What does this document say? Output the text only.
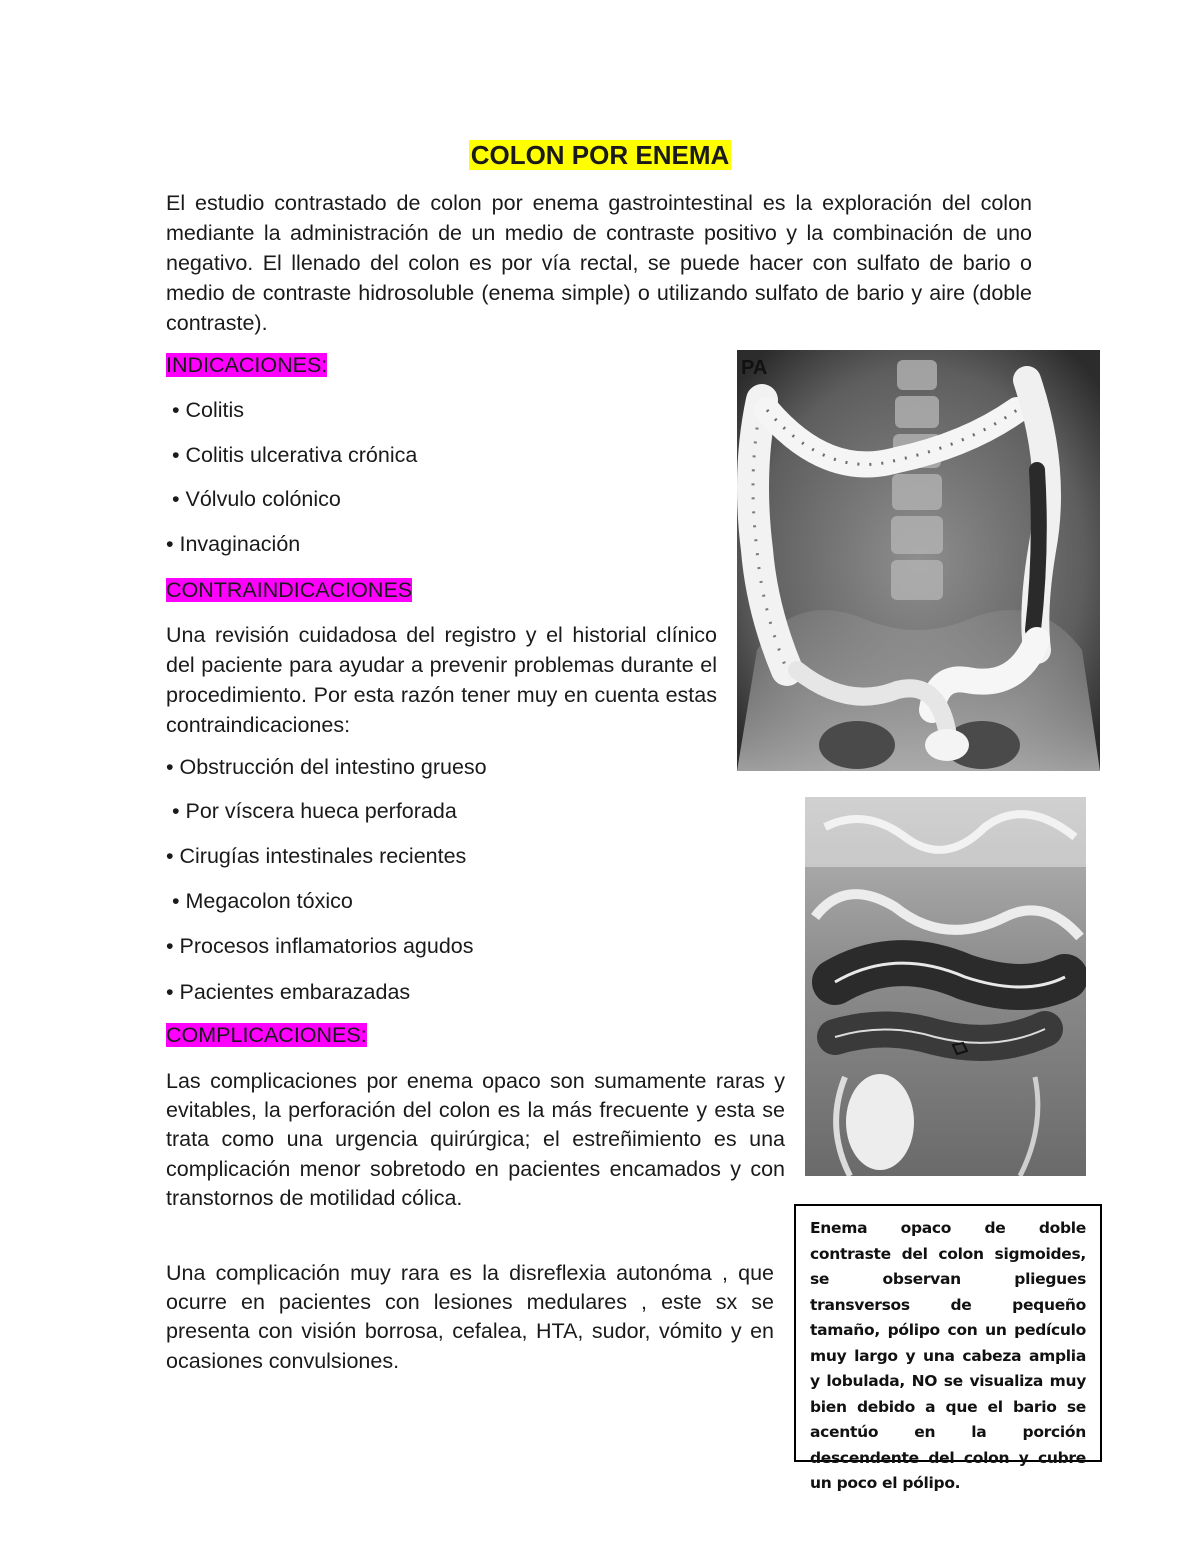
COLON POR ENEMA

El estudio contrastado de colon por enema gastrointestinal es la exploración del colon mediante la administración de un medio de contraste positivo y la combinación de uno negativo. El llenado del colon es por vía rectal, se puede hacer con sulfato de bario o medio de contraste hidrosoluble (enema simple) o utilizando sulfato de bario y aire (doble contraste).

INDICACIONES:
• Colitis
• Colitis ulcerativa crónica
• Vólvulo colónico
• Invaginación
CONTRAINDICACIONES

Una revisión cuidadosa del registro y el historial clínico del paciente para ayudar a prevenir problemas durante el procedimiento. Por esta razón tener muy en cuenta estas contraindicaciones:

• Obstrucción del intestino grueso
• Por víscera hueca perforada
• Cirugías intestinales recientes
• Megacolon tóxico
• Procesos inflamatorios agudos
• Pacientes embarazadas
COMPLICACIONES:

Las complicaciones por enema opaco son sumamente raras y evitables, la perforación del colon es la más frecuente y esta se trata como una urgencia quirúrgica; el estreñimiento es una complicación menor sobretodo en pacientes encamados y con transtornos de motilidad cólica.

Una complicación muy rara es la disreflexia autonóma , que ocurre en pacientes con lesiones medulares , este sx se presenta con visión borrosa, cefalea, HTA, sudor, vómito y en ocasiones convulsiones.

PA

Enema opaco de doble contraste del colon sigmoides, se observan pliegues transversos de pequeño tamaño, pólipo con un pedículo muy largo y una cabeza amplia y lobulada, NO se visualiza muy bien debido a que el bario se acentúo en la porción descendente del colon y cubre un poco el pólipo.
